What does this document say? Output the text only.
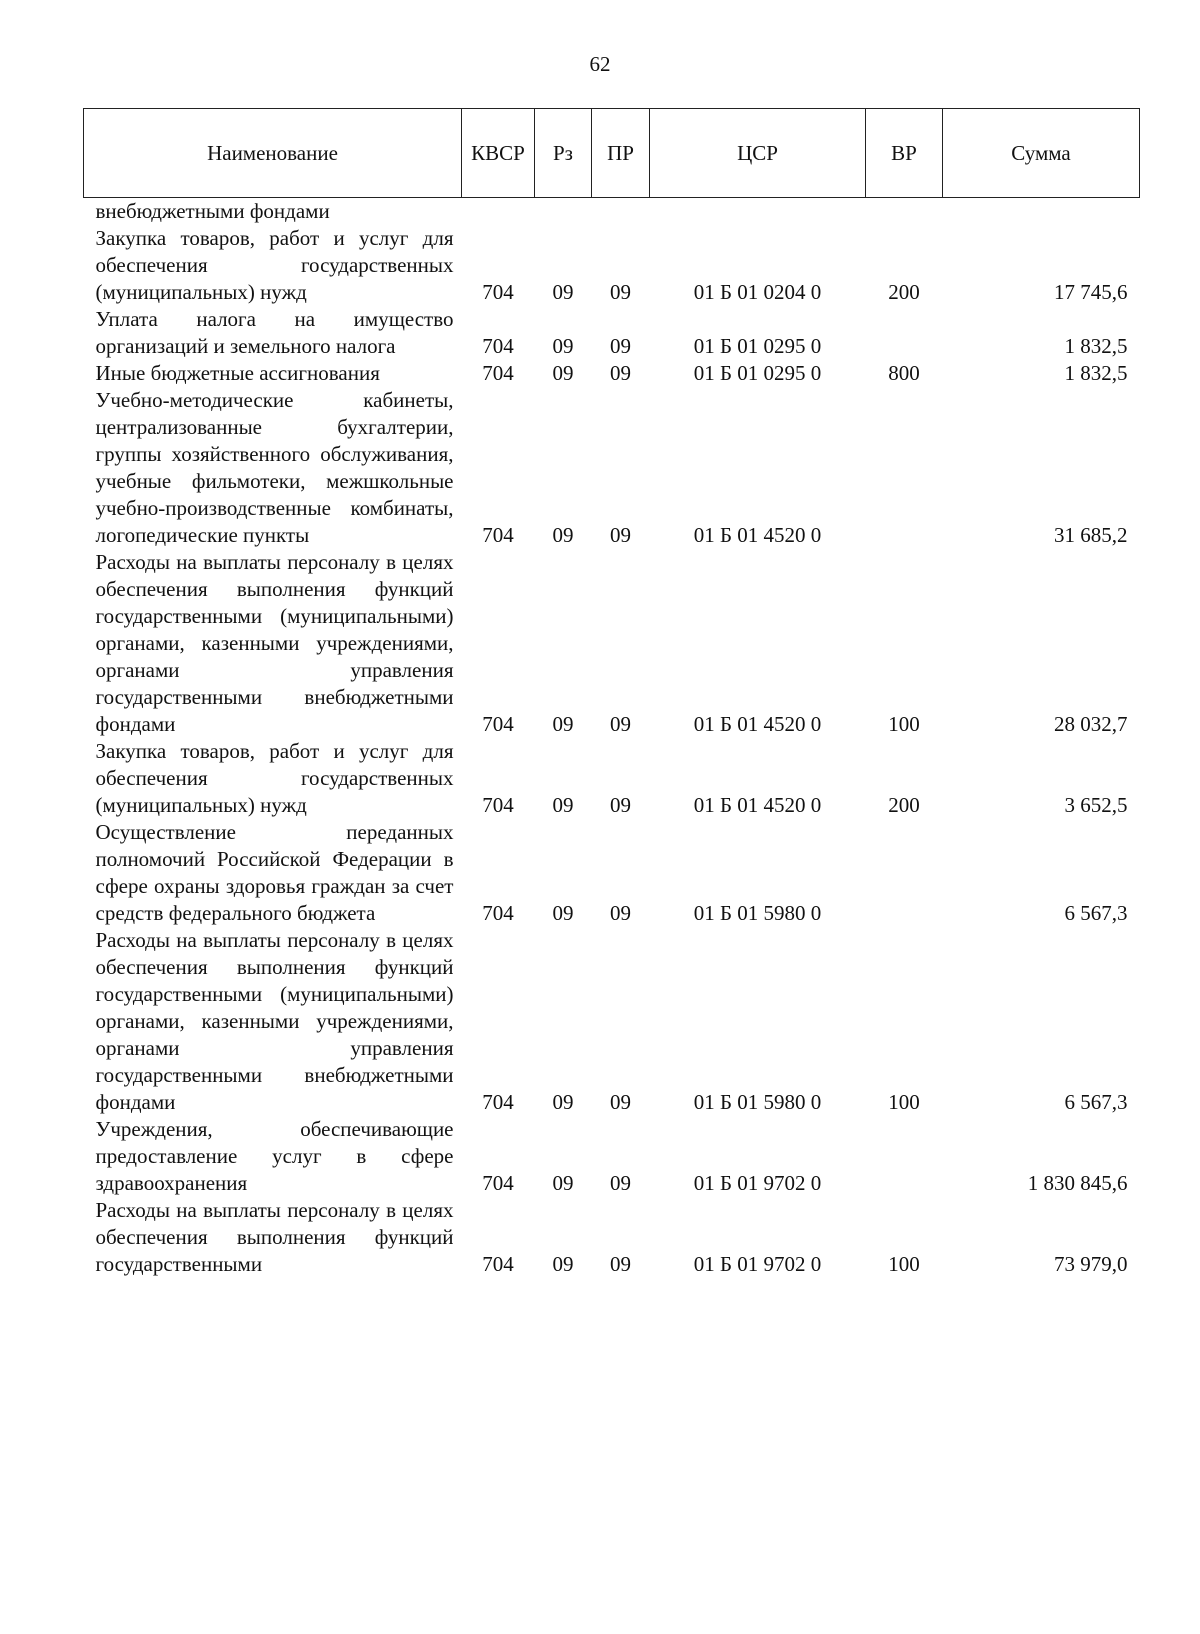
62
Наименование	КВСР	Рз	ПР	ЦСР	ВР	Сумма
внебюджетными фондами						
Закупка товаров, работ и услуг для обеспечения государственных (муниципальных) нужд	704	09	09	01 Б 01 0204 0	200	17 745,6
Уплата налога на имущество организаций и земельного налога	704	09	09	01 Б 01 0295 0		1 832,5
Иные бюджетные ассигнования	704	09	09	01 Б 01 0295 0	800	1 832,5
Учебно-методические кабинеты, централизованные бухгалтерии, группы хозяйственного обслуживания, учебные фильмотеки, межшкольные учебно-производственные комбинаты, логопедические пункты	704	09	09	01 Б 01 4520 0		31 685,2
Расходы на выплаты персоналу в целях обеспечения выполнения функций государственными (муниципальными) органами, казенными учреждениями, органами управления государственными внебюджетными фондами	704	09	09	01 Б 01 4520 0	100	28 032,7
Закупка товаров, работ и услуг для обеспечения государственных (муниципальных) нужд	704	09	09	01 Б 01 4520 0	200	3 652,5
Осуществление переданных полномочий Российской Федерации в сфере охраны здоровья граждан за счет средств федерального бюджета	704	09	09	01 Б 01 5980 0		6 567,3
Расходы на выплаты персоналу в целях обеспечения выполнения функций государственными (муниципальными) органами, казенными учреждениями, органами управления государственными внебюджетными фондами	704	09	09	01 Б 01 5980 0	100	6 567,3
Учреждения, обеспечивающие предоставление услуг в сфере здравоохранения	704	09	09	01 Б 01 9702 0		1 830 845,6
Расходы на выплаты персоналу в целях обеспечения выполнения функций государственными	704	09	09	01 Б 01 9702 0	100	73 979,0
